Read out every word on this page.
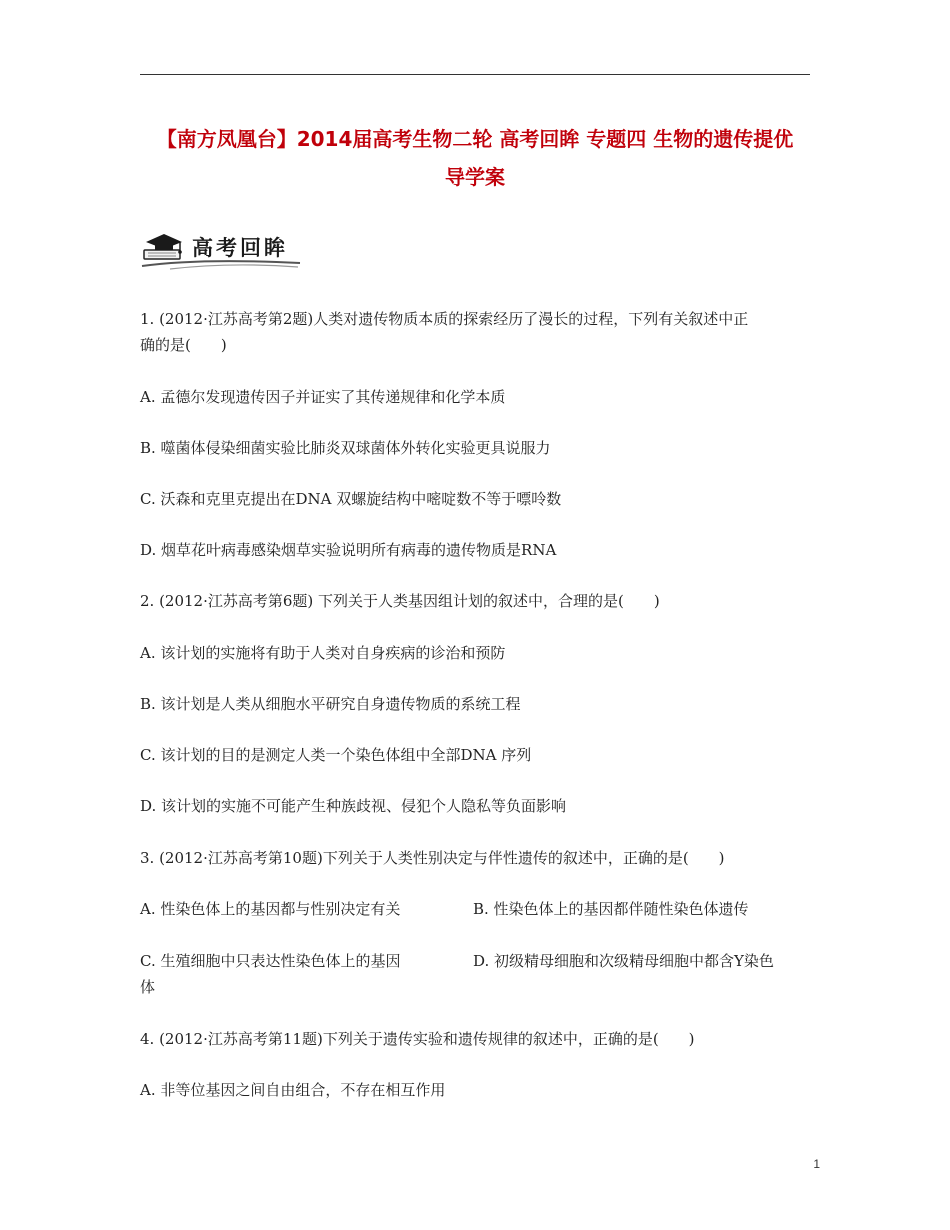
【南方凤凰台】2014届高考生物二轮 高考回眸 专题四 生物的遗传提优
导学案
高考回眸
1. (2012·江苏高考第2题)人类对遗传物质本质的探索经历了漫长的过程，下列有关叙述中正
确的是(　　)
A. 孟德尔发现遗传因子并证实了其传递规律和化学本质
B. 噬菌体侵染细菌实验比肺炎双球菌体外转化实验更具说服力
C. 沃森和克里克提出在DNA 双螺旋结构中嘧啶数不等于嘌呤数
D. 烟草花叶病毒感染烟草实验说明所有病毒的遗传物质是RNA
2. (2012·江苏高考第6题) 下列关于人类基因组计划的叙述中，合理的是(　　)
A. 该计划的实施将有助于人类对自身疾病的诊治和预防
B. 该计划是人类从细胞水平研究自身遗传物质的系统工程
C. 该计划的目的是测定人类一个染色体组中全部DNA 序列
D. 该计划的实施不可能产生种族歧视、侵犯个人隐私等负面影响
3. (2012·江苏高考第10题)下列关于人类性别决定与伴性遗传的叙述中，正确的是(　　)
A. 性染色体上的基因都与性别决定有关	B. 性染色体上的基因都伴随性染色体遗传
C. 生殖细胞中只表达性染色体上的基因	D. 初级精母细胞和次级精母细胞中都含Y染色
体
4. (2012·江苏高考第11题)下列关于遗传实验和遗传规律的叙述中，正确的是(　　)
A. 非等位基因之间自由组合，不存在相互作用
1
